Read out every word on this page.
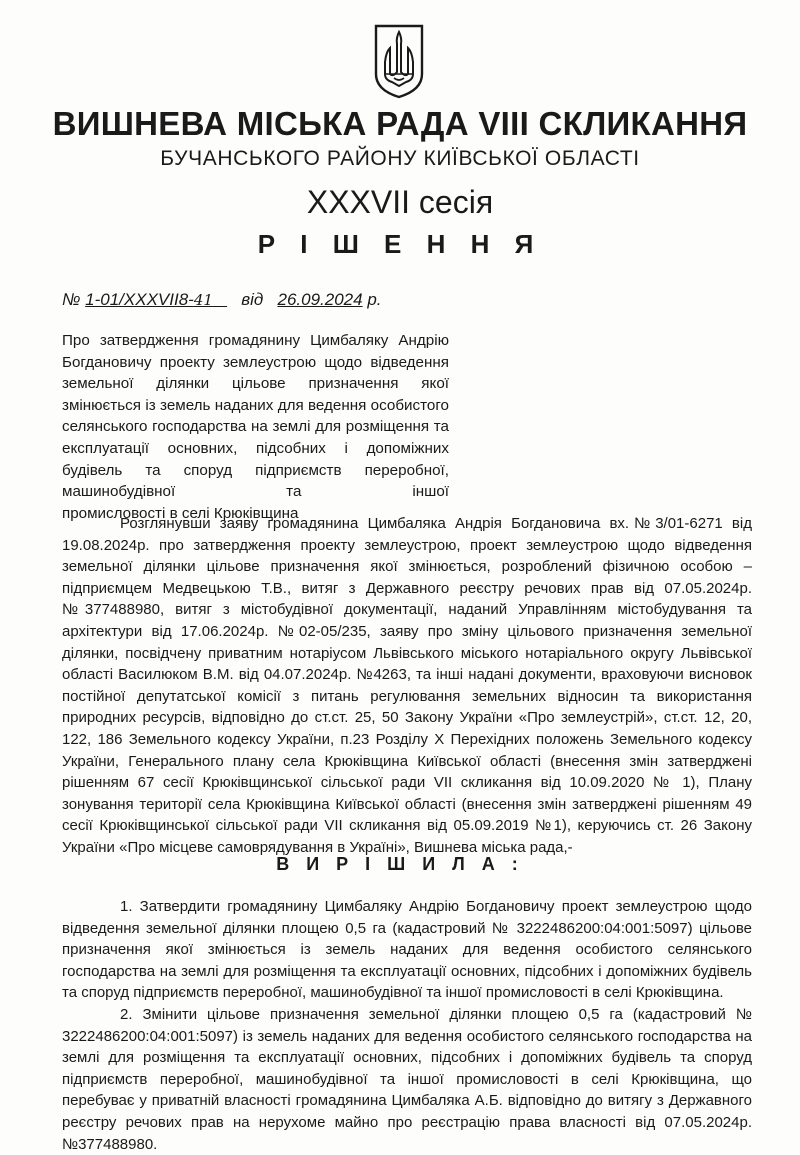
ВИШНЕВА МІСЬКА РАДА VIII СКЛИКАННЯ
БУЧАНСЬКОГО РАЙОНУ КИЇВСЬКОЇ ОБЛАСТІ
XXXVII сесія
Р І Ш Е Н Н Я
№ 1-01/XXXVII8-41 від 26.09.2024 р.
Про затвердження громадянину Цимбаляку Андрію Богдановичу проекту землеустрою щодо відведення земельної ділянки цільове призначення якої змінюється із земель наданих для ведення особистого селянського господарства на землі для розміщення та експлуатації основних, підсобних і допоміжних будівель та споруд підприємств переробної, машинобудівної та іншої
промисловості в селі Крюківщина

Розглянувши заяву громадянина Цимбаляка Андрія Богдановича вх.№3/01-6271 від 19.08.2024р. про затвердження проекту землеустрою, проект землеустрою щодо відведення земельної ділянки цільове призначення якої змінюється, розроблений фізичною особою – підприємцем Медвецькою Т.В., витяг з Державного реєстру речових прав від 07.05.2024р. №377488980, витяг з містобудівної документації, наданий Управлінням містобудування та архітектури від 17.06.2024р. №02-05/235, заяву про зміну цільового призначення земельної ділянки, посвідчену приватним нотаріусом Львівського міського нотаріального округу Львівської області Василюком В.М. від 04.07.2024р. №4263, та інші надані документи, враховуючи висновок постійної депутатської комісії з питань регулювання земельних відносин та використання природних ресурсів, відповідно до ст.ст. 25, 50 Закону України «Про землеустрій», ст.ст. 12, 20, 122, 186 Земельного кодексу України, п.23 Розділу Х Перехідних положень Земельного кодексу України, Генерального плану села Крюківщина Київської області (внесення змін затверджені рішенням 67 сесії Крюківщинської сільської ради VII скликання від 10.09.2020 № 1), Плану зонування території села Крюківщина Київської області (внесення змін затверджені рішенням 49 сесії Крюківщинської сільської ради VII скликання від 05.09.2019 №1), керуючись ст. 26 Закону України «Про місцеве самоврядування в Україні», Вишнева міська рада,-

В И Р І Ш И Л А :

1. Затвердити громадянину Цимбаляку Андрію Богдановичу проект землеустрою щодо відведення земельної ділянки площею 0,5 га (кадастровий № 3222486200:04:001:5097) цільове призначення якої змінюється із земель наданих для ведення особистого селянського господарства на землі для розміщення та експлуатації основних, підсобних і допоміжних будівель та споруд підприємств переробної, машинобудівної та іншої промисловості в селі Крюківщина.

2. Змінити цільове призначення земельної ділянки площею 0,5 га (кадастровий № 3222486200:04:001:5097) із земель наданих для ведення особистого селянського господарства на землі для розміщення та експлуатації основних, підсобних і допоміжних будівель та споруд підприємств переробної, машинобудівної та іншої промисловості в селі Крюківщина, що перебуває у приватній власності громадянина Цимбаляка А.Б. відповідно до витягу з Державного реєстру речових прав на нерухоме майно про реєстрацію права власності від 07.05.2024р. №377488980.
